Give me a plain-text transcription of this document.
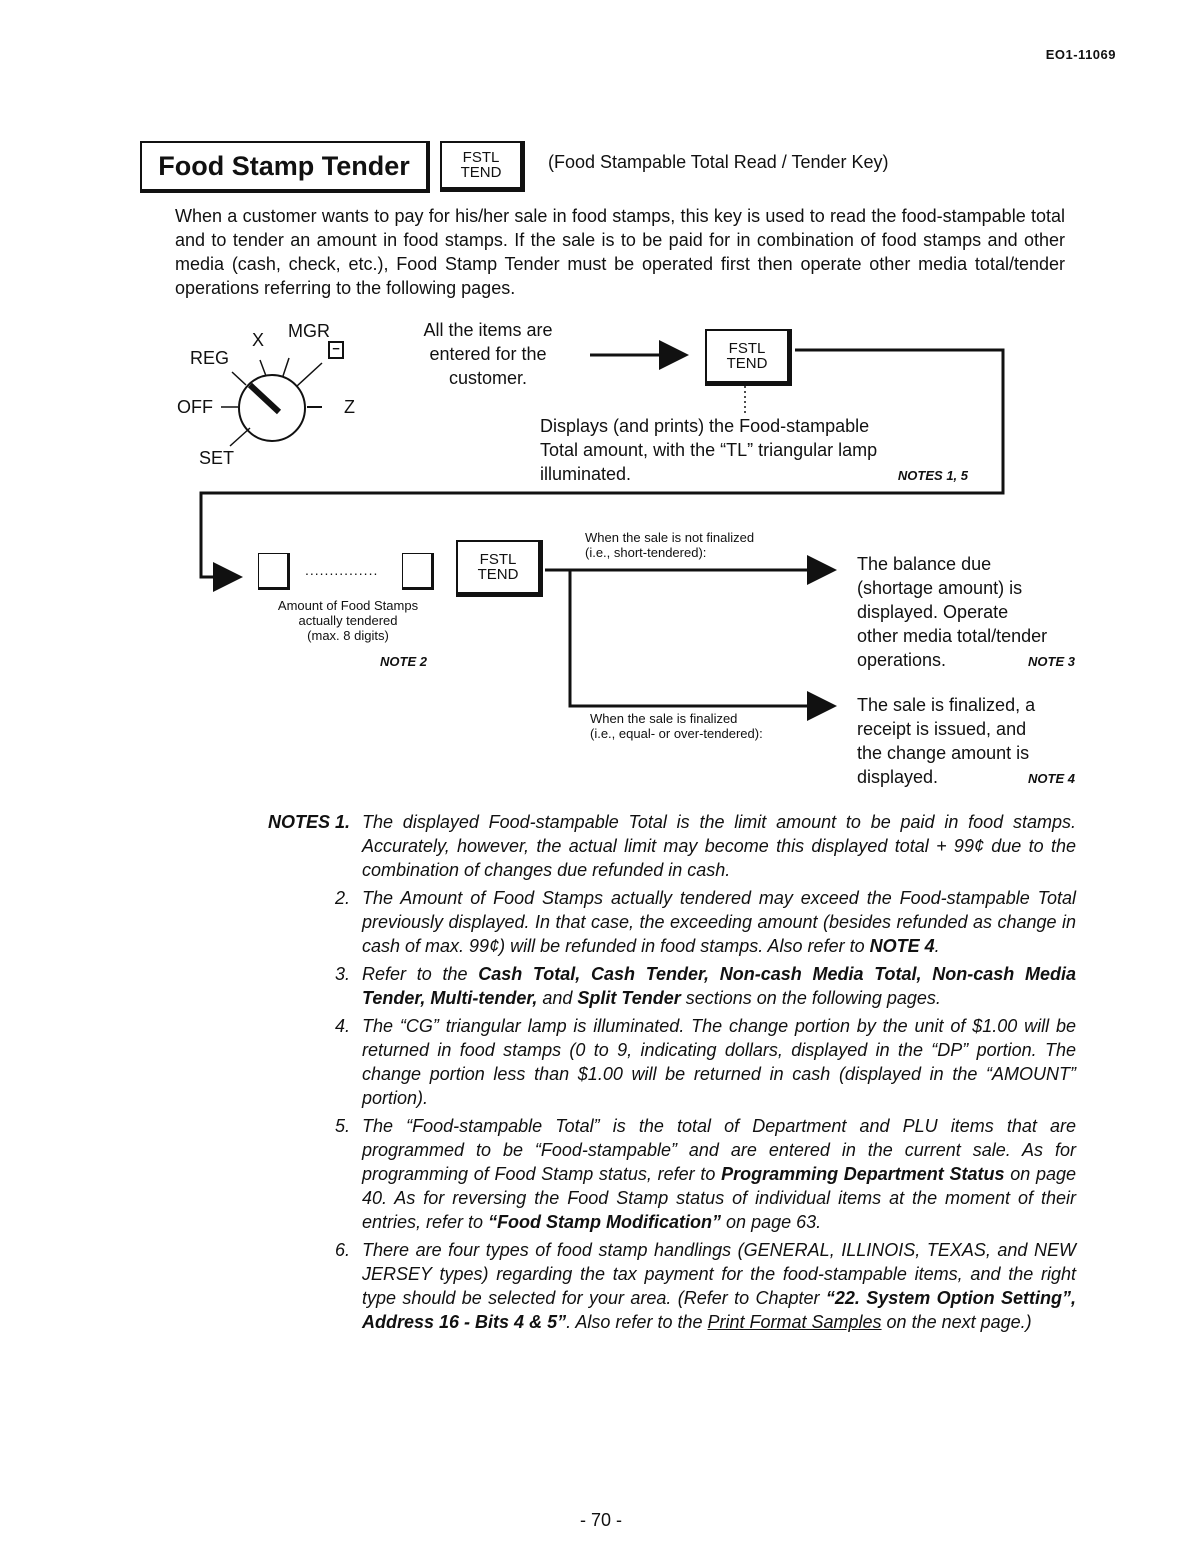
EO1-11069
Food Stamp Tender	FSTL
TEND
(Food Stampable Total Read / Tender Key)
When a customer wants to pay for his/her sale in food stamps, this key is used to read the food-stampable total and to tender an amount in food stamps. If the sale is to be paid for in combination of food stamps and other media (cash, check, etc.), Food Stamp Tender must be operated first then operate other media total/tender operations referring to the following pages.
X MGR
REG	−
OFF	Z
SET
All the items are
entered for the
customer.
FSTL
TEND
Displays (and prints) the Food-stampable
Total amount, with the “TL” triangular lamp
illuminated.	NOTES 1, 5
...............
FSTL
TEND
Amount of Food Stamps
actually tendered
(max. 8 digits)
NOTE 2
When the sale is not finalized
(i.e., short-tendered):
The balance due
(shortage amount) is
displayed. Operate
other media total/tender
operations.	NOTE 3
When the sale is finalized
(i.e., equal- or over-tendered):
The sale is finalized, a
receipt is issued, and
the change amount is
displayed.	NOTE 4
NOTES 1. The displayed Food-stampable Total is the limit amount to be paid in food stamps. Accurately, however, the actual limit may become this displayed total + 99¢ due to the combination of changes due refunded in cash.
2. The Amount of Food Stamps actually tendered may exceed the Food-stampable Total previously displayed. In that case, the exceeding amount (besides refunded as change in cash of max. 99¢) will be refunded in food stamps. Also refer to NOTE 4.
3. Refer to the Cash Total, Cash Tender, Non-cash Media Total, Non-cash Media Tender, Multi-tender, and Split Tender sections on the following pages.
4. The “CG” triangular lamp is illuminated. The change portion by the unit of $1.00 will be returned in food stamps (0 to 9, indicating dollars, displayed in the “DP” portion. The change portion less than $1.00 will be returned in cash (displayed in the “AMOUNT” portion).
5. The “Food-stampable Total” is the total of Department and PLU items that are programmed to be “Food-stampable” and are entered in the current sale. As for programming of Food Stamp status, refer to Programming Department Status on page 40. As for reversing the Food Stamp status of individual items at the moment of their entries, refer to “Food Stamp Modification” on page 63.
6. There are four types of food stamp handlings (GENERAL, ILLINOIS, TEXAS, and NEW JERSEY types) regarding the tax payment for the food-stampable items, and the right type should be selected for your area. (Refer to Chapter “22. System Option Setting”, Address 16 - Bits 4 & 5”. Also refer to the Print Format Samples on the next page.)
- 70 -
